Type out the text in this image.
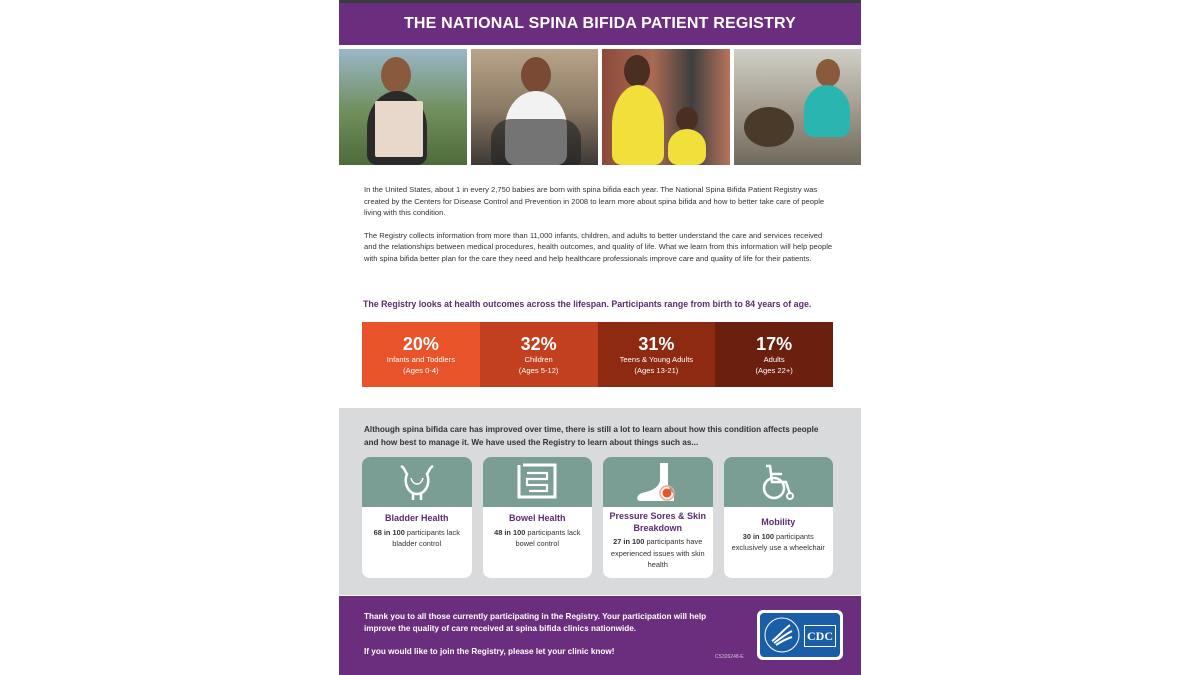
THE NATIONAL SPINA BIFIDA PATIENT REGISTRY

In the United States, about 1 in every 2,750 babies are born with spina bifida each year. The National Spina Bifida Patient Registry was created by the Centers for Disease Control and Prevention in 2008 to learn more about spina bifida and how to better take care of people living with this condition.

The Registry collects information from more than 11,000 infants, children, and adults to better understand the care and services received and the relationships between medical procedures, health outcomes, and quality of life. What we learn from this information will help people with spina bifida better plan for the care they need and help healthcare professionals improve care and quality of life for their patients.

The Registry looks at health outcomes across the lifespan. Participants range from birth to 84 years of age.
20%
Infants and Toddlers
(Ages 0-4)
32%
Children
(Ages 5-12)
31%
Teens & Young Adults
(Ages 13-21)
17%
Adults
(Ages 22+)
Although spina bifida care has improved over time, there is still a lot to learn about how this condition affects people and how best to manage it. We have used the Registry to learn about things such as...
Bladder Health
68 in 100 participants lack bladder control
Bowel Health
48 in 100 participants lack bowel control
Pressure Sores & Skin Breakdown
27 in 100 participants have experienced issues with skin health
Mobility
30 in 100 participants exclusively use a wheelchair

Thank you to all those currently participating in the Registry. Your participation will help improve the quality of care received at spina bifida clinics nationwide.

If you would like to join the Registry, please let your clinic know!

CS326248-E
CDC
